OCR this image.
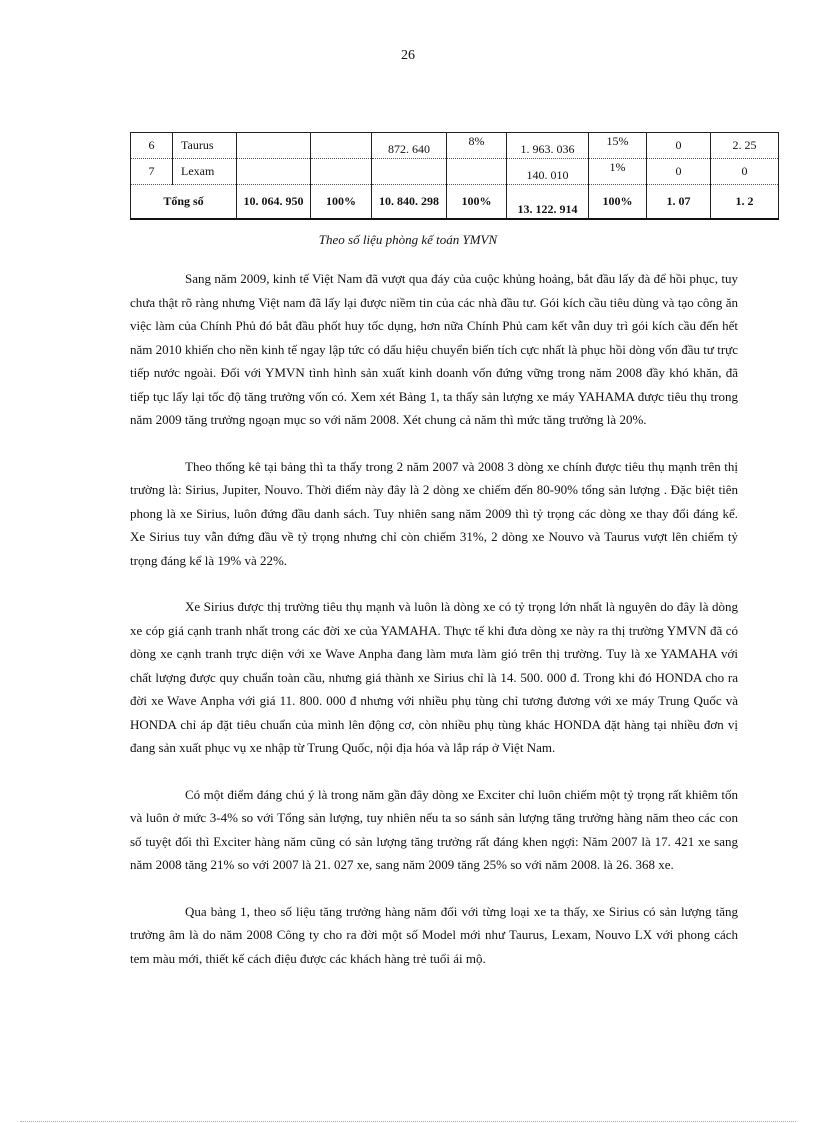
26
6	Taurus			872. 640	8%	1. 963. 036	15%	0	2. 25
7	Lexam					140. 010	1%	0	0
Tổng số		10. 064. 950	100%	10. 840. 298	100%	13. 122. 914	100%	1. 07	1. 2
Theo số liệu phòng kế toán YMVN

Sang năm 2009, kinh tế Việt Nam đã vượt qua đáy của cuộc khủng hoảng, bắt đầu lấy đà để hồi phục, tuy chưa thật rõ ràng nhưng Việt nam đã lấy lại được niềm tin của các nhà đầu tư. Gói kích cầu tiêu dùng và tạo công ăn việc làm của Chính Phủ đó bắt đầu phốt huy tốc dụng, hơn nữa Chính Phủ cam kết vẫn duy trì gói kích cầu đến hết năm 2010 khiến cho nền kinh tế ngay lập tức có dấu hiệu chuyển biến tích cực nhất là phục hồi dòng vốn đầu tư trực tiếp nước ngoài. Đối với YMVN tình hình sản xuất kinh doanh vốn đứng vững trong năm 2008 đầy khó khăn, đã tiếp tục lấy lại tốc độ tăng trưởng vốn có. Xem xét Bảng 1, ta thấy sản lượng xe máy YAHAMA được tiêu thụ trong năm 2009 tăng trưởng ngoạn mục so với năm 2008. Xét chung cả năm thì mức tăng trưởng là 20%.

Theo thống kê tại bảng thì ta thấy trong 2 năm 2007 và 2008 3 dòng xe chính được tiêu thụ mạnh trên thị trường là: Sirius, Jupiter, Nouvo. Thời điểm này đây là 2 dòng xe chiếm đến 80-90% tổng sản lượng . Đặc biệt tiên phong là xe Sirius, luôn đứng đầu danh sách. Tuy nhiên sang năm 2009 thì tỷ trọng các dòng xe thay đổi đáng kể. Xe Sirius tuy vẫn đứng đầu về tỷ trọng nhưng chỉ còn chiếm 31%, 2 dòng xe Nouvo và Taurus vượt lên chiếm tỷ trọng đáng kể là 19% và 22%.

Xe Sirius được thị trường tiêu thụ mạnh và luôn là dòng xe có tỷ trọng lớn nhất là nguyên do đây là dòng xe cóp giá cạnh tranh nhất trong các đời xe của YAMAHA. Thực tế khi đưa dòng xe này ra thị trường YMVN đã có dòng xe cạnh tranh trực diện với xe Wave Anpha đang làm mưa làm gió trên thị trường. Tuy là xe YAMAHA với chất lượng được quy chuẩn toàn cầu, nhưng giá thành xe Sirius chỉ là 14. 500. 000 đ. Trong khi đó HONDA cho ra đời xe Wave Anpha với giá 11. 800. 000 đ nhưng với nhiều phụ tùng chỉ tương đương với xe máy Trung Quốc và HONDA chỉ áp đặt tiêu chuẩn của mình lên động cơ, còn nhiều phụ tùng khác HONDA đặt hàng tại nhiều đơn vị đang sản xuất phục vụ xe nhập từ Trung Quốc, nội địa hóa và lắp ráp ở Việt Nam.

Có một điểm đáng chú ý là trong năm gần đây dòng xe Exciter chỉ luôn chiếm một tỷ trọng rất khiêm tốn và luôn ở mức 3-4% so với Tổng sản lượng, tuy nhiên nếu ta so sánh sản lượng tăng trưởng hàng năm theo các con số tuyệt đối thì Exciter hàng năm cũng có sản lượng tăng trưởng rất đáng khen ngợi: Năm 2007 là 17. 421 xe sang năm 2008 tăng 21% so với 2007 là 21. 027 xe, sang năm 2009 tăng 25% so với năm 2008. là 26. 368 xe.

Qua bảng 1, theo số liệu tăng trưởng hàng năm đối với từng loại xe ta thấy, xe Sirius có sản lượng tăng trưởng âm là do năm 2008 Công ty cho ra đời một số Model mới như Taurus, Lexam, Nouvo LX với phong cách tem màu mới, thiết kế cách điệu được các khách hàng trẻ tuổi ái mộ.
